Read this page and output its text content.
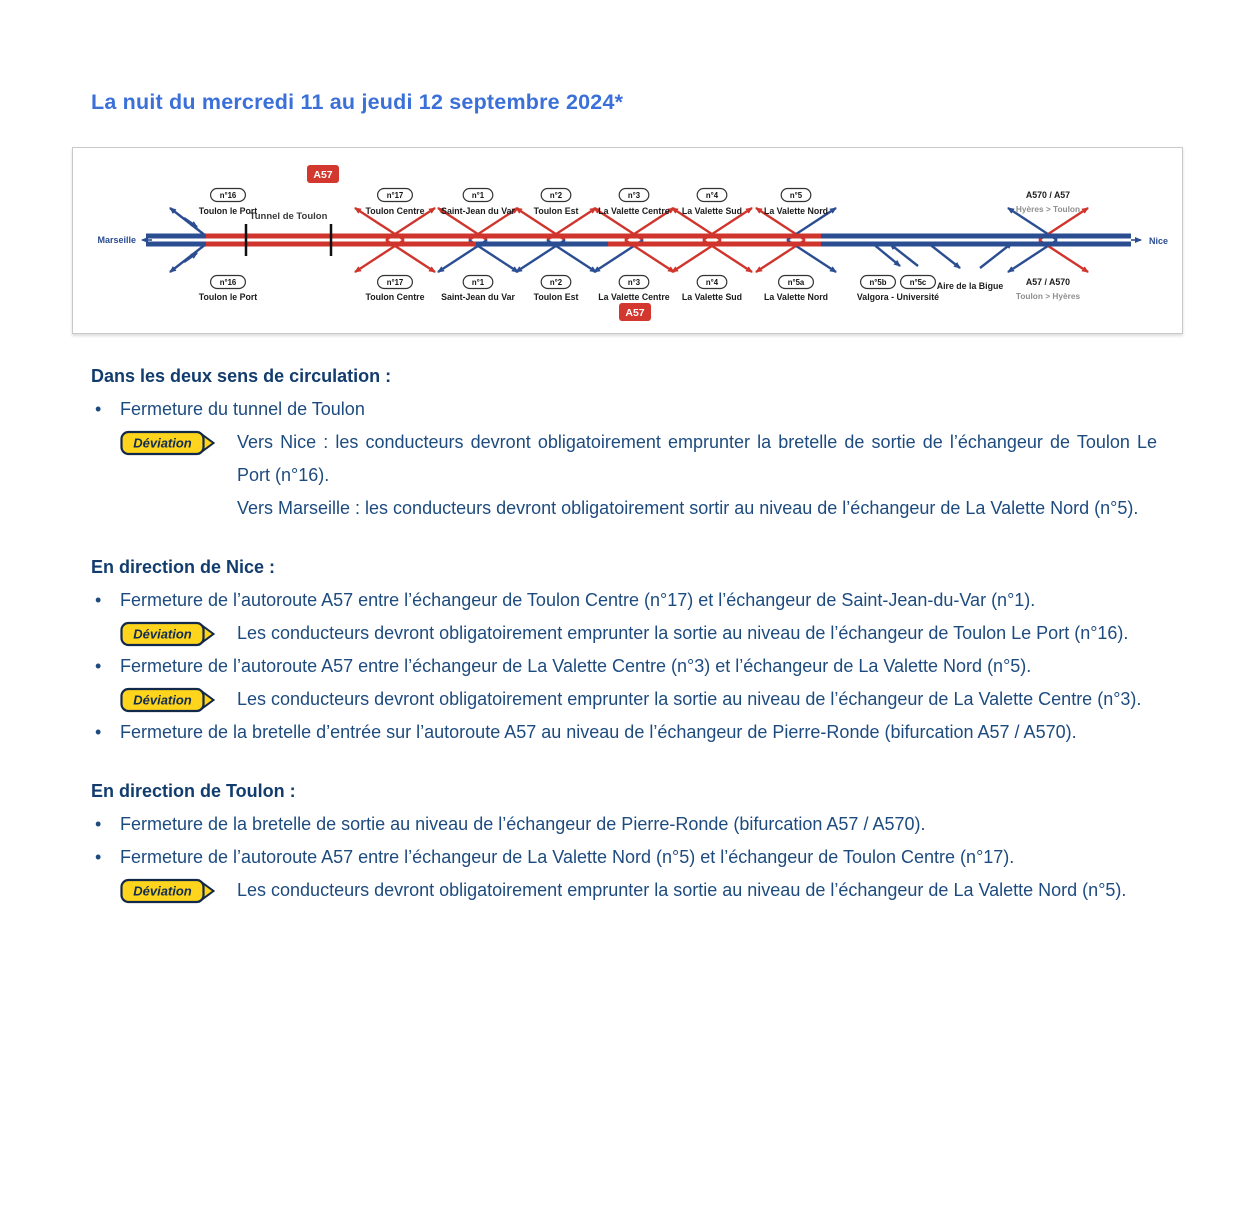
La nuit du mercredi 11 au jeudi 12 septembre 2024*
Marseille	Nice
Tunnel de Toulon
A57
A57
n°16
Toulon le Port
n°16
Toulon le Port
n°17
Toulon Centre
n°17
Toulon Centre
n°1
Saint-Jean du Var
n°1
Saint-Jean du Var
n°2
Toulon Est
n°2
Toulon Est
n°3
La Valette Centre
n°3
La Valette Centre
n°4
La Valette Sud
n°4
La Valette Sud
n°5
La Valette Nord
n°5a
La Valette Nord
n°5b	n°5c
Valgora - Université
Aire de la Bigue
A570 / A57
Hyères > Toulon
A57 / A570
Toulon > Hyères
Dans les deux sens de circulation :
•	Fermeture du tunnel de Toulon

Déviation	Vers Nice : les conducteurs devront obligatoirement emprunter la bretelle de sortie de l’échangeur de Toulon Le Port (n°16).

Vers Marseille : les conducteurs devront obligatoirement sortir au niveau de l’échangeur de La Valette Nord (n°5).

En direction de Nice :
•	Fermeture de l’autoroute A57 entre l’échangeur de Toulon Centre (n°17) et l’échangeur de Saint-Jean-du-Var (n°1).

Déviation	Les conducteurs devront obligatoirement emprunter la sortie au niveau de l’échangeur de Toulon Le Port (n°16).

•	Fermeture de l’autoroute A57 entre l’échangeur de La Valette Centre (n°3) et l’échangeur de La Valette Nord (n°5).

Déviation	Les conducteurs devront obligatoirement emprunter la sortie au niveau de l’échangeur de La Valette Centre (n°3).

•	Fermeture de la bretelle d’entrée sur l’autoroute A57 au niveau de l’échangeur de Pierre-Ronde (bifurcation A57 / A570).

En direction de Toulon :
•	Fermeture de la bretelle de sortie au niveau de l’échangeur de Pierre-Ronde (bifurcation A57 / A570).

•	Fermeture de l’autoroute A57 entre l’échangeur de La Valette Nord (n°5) et l’échangeur de Toulon Centre (n°17).

Déviation	Les conducteurs devront obligatoirement emprunter la sortie au niveau de l’échangeur de La Valette Nord (n°5).
